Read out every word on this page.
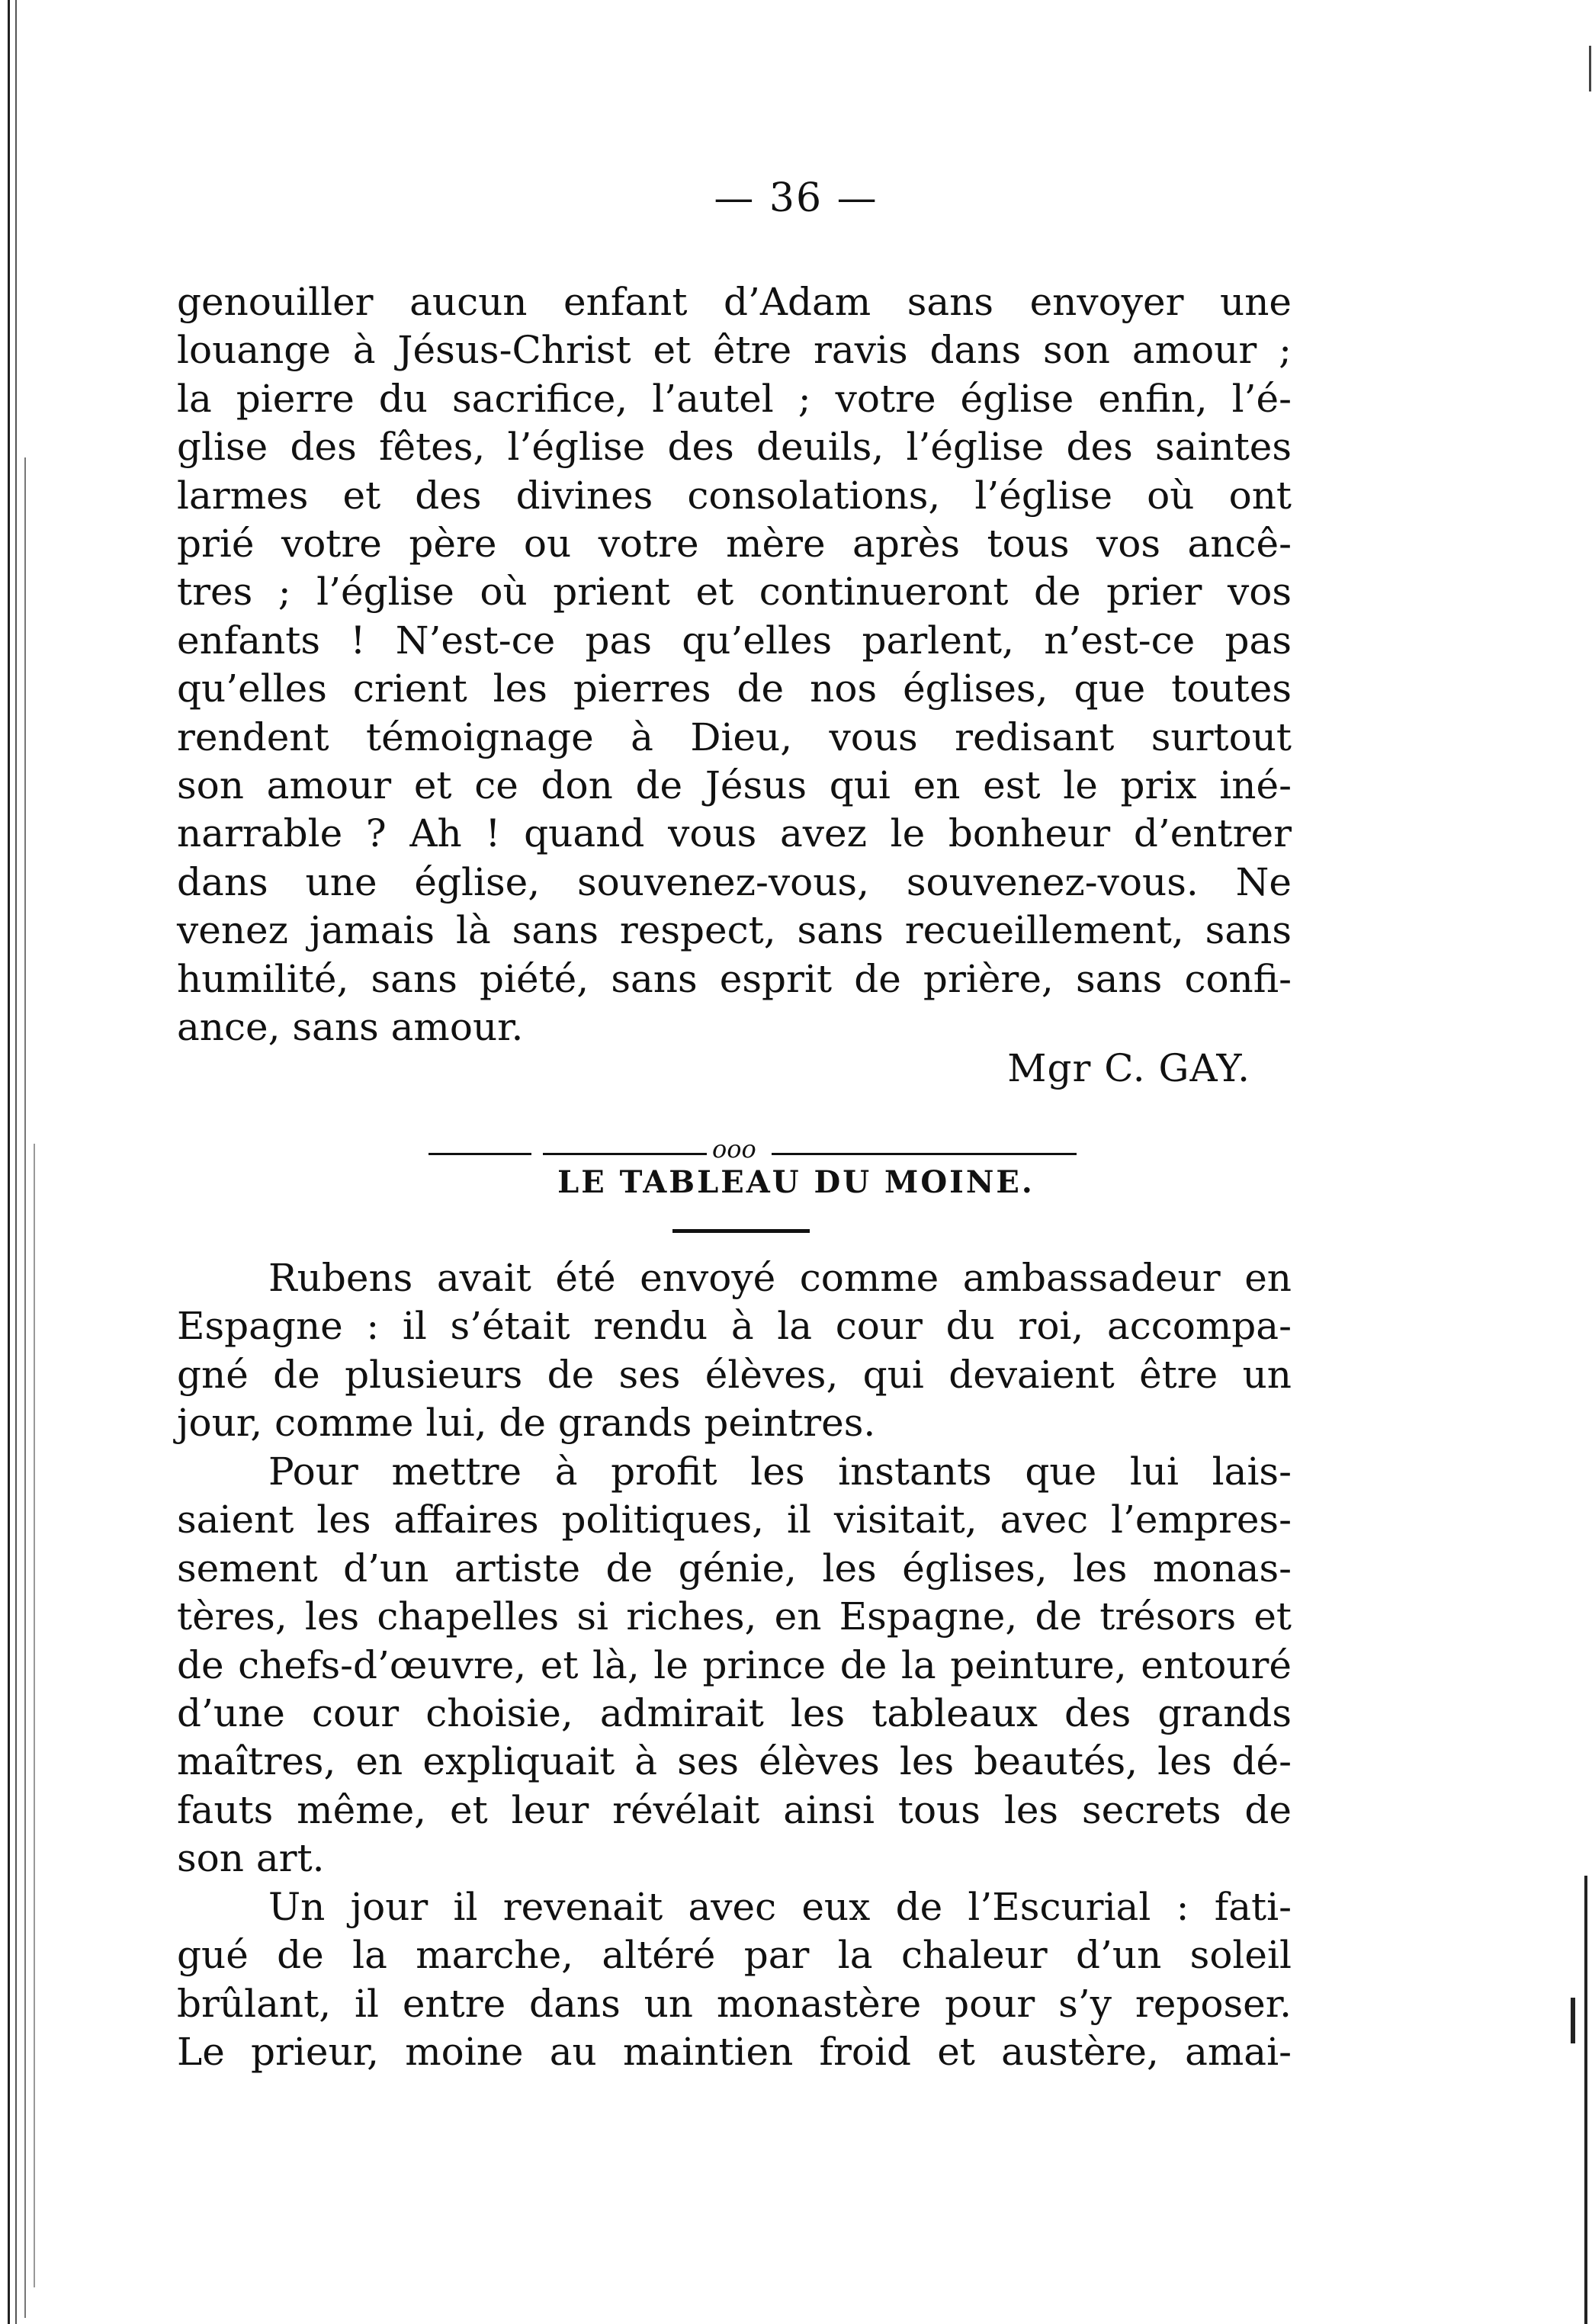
— 36 —
genouiller aucun enfant d’Adam sans envoyer une
louange à Jésus-Christ et être ravis dans son amour ;
la pierre du sacrifice, l’autel ; votre église enfin, l’é-
glise des fêtes, l’église des deuils, l’église des saintes
larmes et des divines consolations, l’église où ont
prié votre père ou votre mère après tous vos ancê-
tres ; l’église où prient et continueront de prier vos
enfants ! N’est-ce pas qu’elles parlent, n’est-ce pas
qu’elles crient les pierres de nos églises, que toutes
rendent témoignage à Dieu, vous redisant surtout
son amour et ce don de Jésus qui en est le prix iné-
narrable ? Ah ! quand vous avez le bonheur d’entrer
dans une église, souvenez-vous, souvenez-vous. Ne
venez jamais là sans respect, sans recueillement, sans
humilité, sans piété, sans esprit de prière, sans confi-
ance, sans amour.
Mgr C. GAY.
ooo
LE TABLEAU DU MOINE.
Rubens avait été envoyé comme ambassadeur en
Espagne : il s’était rendu à la cour du roi, accompa-
gné de plusieurs de ses élèves, qui devaient être un
jour, comme lui, de grands peintres.
Pour mettre à profit les instants que lui lais-
saient les affaires politiques, il visitait, avec l’empres-
sement d’un artiste de génie, les églises, les monas-
tères, les chapelles si riches, en Espagne, de trésors et
de chefs-d’œuvre, et là, le prince de la peinture, entouré
d’une cour choisie, admirait les tableaux des grands
maîtres, en expliquait à ses élèves les beautés, les dé-
fauts même, et leur révélait ainsi tous les secrets de
son art.
Un jour il revenait avec eux de l’Escurial : fati-
gué de la marche, altéré par la chaleur d’un soleil
brûlant, il entre dans un monastère pour s’y reposer.
Le prieur, moine au maintien froid et austère, amai-
